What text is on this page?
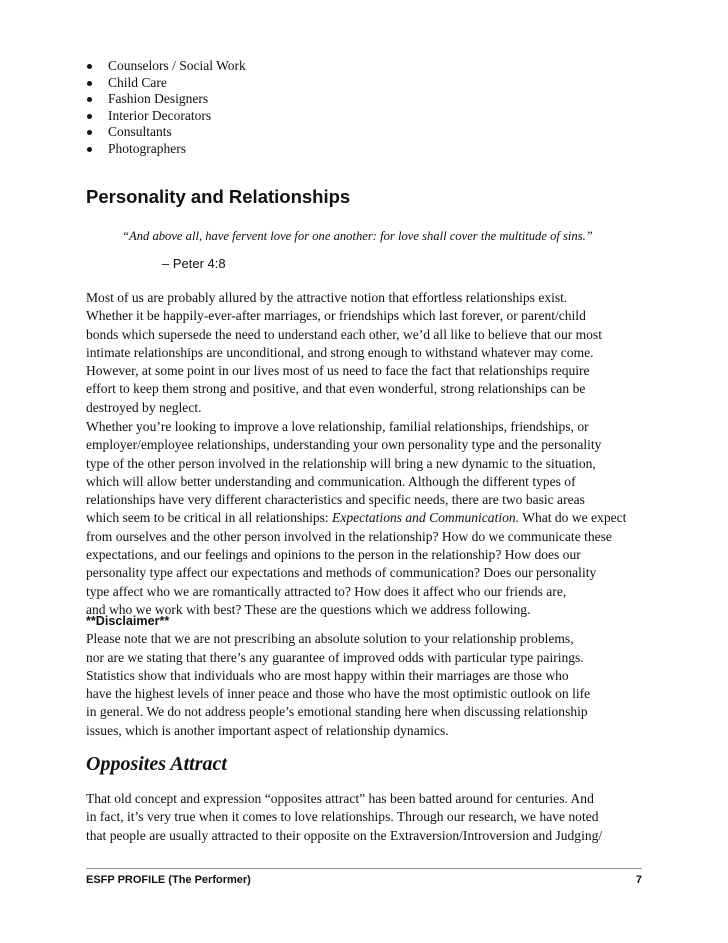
Counselors / Social Work
Child Care
Fashion Designers
Interior Decorators
Consultants
Photographers
Personality and Relationships
“And above all, have fervent love for one another: for love shall cover the multitude of sins.”
– Peter 4:8

Most of us are probably allured by the attractive notion that effortless relationships exist.
Whether it be happily-ever-after marriages, or friendships which last forever, or parent/child
bonds which supersede the need to understand each other, we’d all like to believe that our most
intimate relationships are unconditional, and strong enough to withstand whatever may come.
However, at some point in our lives most of us need to face the fact that relationships require
effort to keep them strong and positive, and that even wonderful, strong relationships can be
destroyed by neglect.

Whether you’re looking to improve a love relationship, familial relationships, friendships, or
employer/employee relationships, understanding your own personality type and the personality
type of the other person involved in the relationship will bring a new dynamic to the situation,
which will allow better understanding and communication. Although the different types of
relationships have very different characteristics and specific needs, there are two basic areas
which seem to be critical in all relationships: Expectations and Communication. What do we expect
from ourselves and the other person involved in the relationship? How do we communicate these
expectations, and our feelings and opinions to the person in the relationship? How does our
personality type affect our expectations and methods of communication? Does our personality
type affect who we are romantically attracted to? How does it affect who our friends are,
and who we work with best? These are the questions which we address following.

**Disclaimer**
Please note that we are not prescribing an absolute solution to your relationship problems,
nor are we stating that there’s any guarantee of improved odds with particular type pairings.
Statistics show that individuals who are most happy within their marriages are those who
have the highest levels of inner peace and those who have the most optimistic outlook on life
in general. We do not address people’s emotional standing here when discussing relationship
issues, which is another important aspect of relationship dynamics.

Opposites Attract

That old concept and expression “opposites attract” has been batted around for centuries. And
in fact, it’s very true when it comes to love relationships. Through our research, we have noted
that people are usually attracted to their opposite on the Extraversion/Introversion and Judging/

ESFP PROFILE (The Performer)	7
